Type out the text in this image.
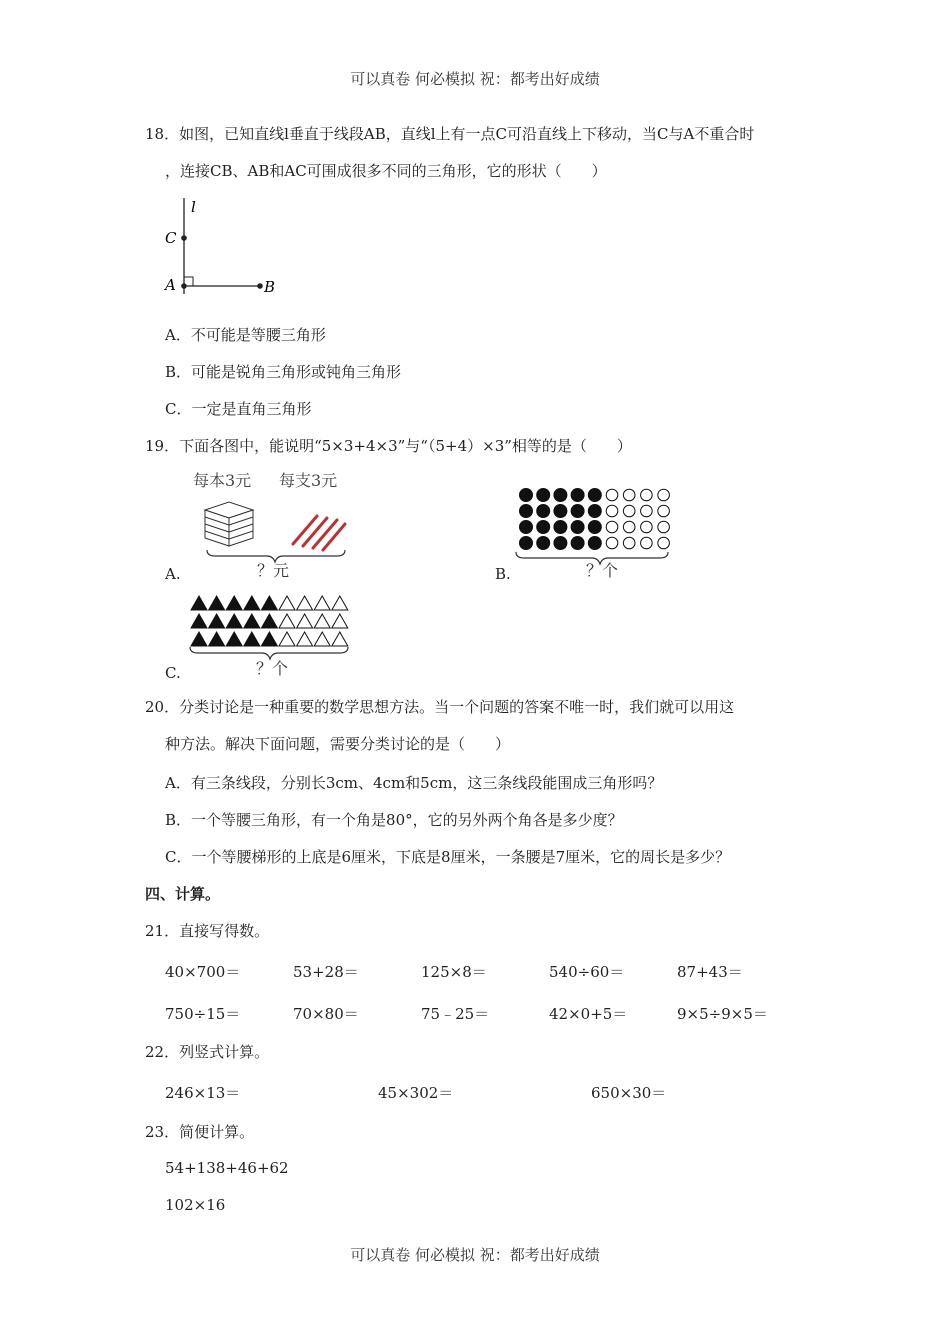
可以真卷 何必模拟 祝：都考出好成绩
18．如图，已知直线l垂直于线段AB，直线l上有一点C可沿直线上下移动，当C与A不重合时
，连接CB、AB和AC可围成很多不同的三角形，它的形状（　　）
l
C
A	B
A．不可能是等腰三角形
B．可能是锐角三角形或钝角三角形
C．一定是直角三角形
19．下面各图中，能说明“5×3+4×3”与“（5+4）×3”相等的是（　　）
A.
每本3元 每支3元
？元	B.	？个
C.	？个
20．分类讨论是一种重要的数学思想方法。当一个问题的答案不唯一时，我们就可以用这
种方法。解决下面问题，需要分类讨论的是（　　）
A．有三条线段，分别长3cm、4cm和5cm，这三条线段能围成三角形吗？
B．一个等腰三角形，有一个角是80°，它的另外两个角各是多少度？
C．一个等腰梯形的上底是6厘米，下底是8厘米，一条腰是7厘米，它的周长是多少？
四、计算。
21．直接写得数。
40×700＝	53+28＝	125×8＝	540÷60＝	87+43＝
750÷15＝	70×80＝	75﹣25＝	42×0+5＝	9×5÷9×5＝
22．列竖式计算。
246×13＝	45×302＝	650×30＝
23．简便计算。
54+138+46+62
102×16
可以真卷 何必模拟 祝：都考出好成绩
